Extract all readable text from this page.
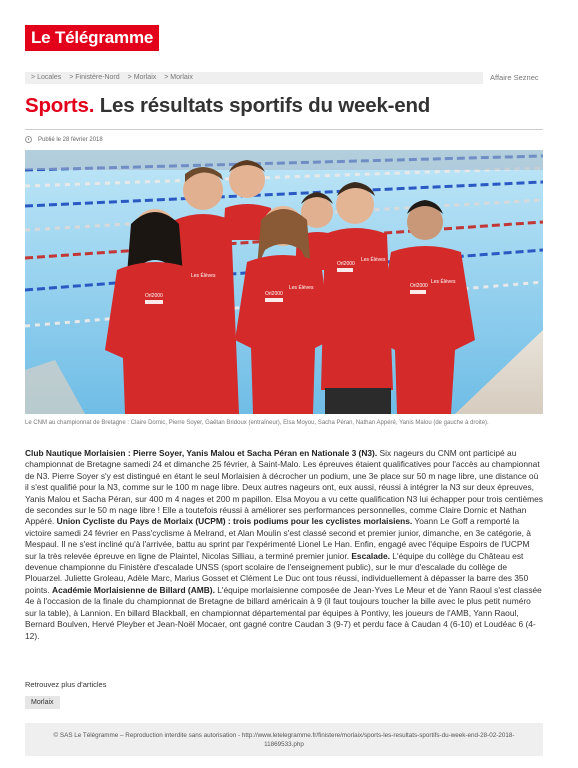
Le Télégramme
> Locales > Finistère-Nord > Morlaix > Morlaix	Affaire Seznec
Sports. Les résultats sportifs du week-end
Publié le 28 février 2018
Orl2000	Orl2000
Orl2000
Orl2000
Les Élèves
Les Élèves
Les Élèves
Les Élèves
Le CNM au championnat de Bretagne : Claire Dornic, Pierre Soyer, Gaëtan Bridoux (entraîneur), Elsa Moyou, Sacha Péran, Nathan Appéré, Yanis Malou (de gauche à droite).
Club Nautique Morlaisien : Pierre Soyer, Yanis Malou et Sacha Péran en Nationale 3 (N3). Six nageurs du CNM ont participé au championnat de Bretagne samedi 24 et dimanche 25 février, à Saint-Malo. Les épreuves étaient qualificatives pour l'accès au championnat de N3. Pierre Soyer s'y est distingué en étant le seul Morlaisien à décrocher un podium, une 3e place sur 50 m nage libre, une distance où il s'est qualifié pour la N3, comme sur le 100 m nage libre. Deux autres nageurs ont, eux aussi, réussi à intégrer la N3 sur deux épreuves, Yanis Malou et Sacha Péran, sur 400 m 4 nages et 200 m papillon. Elsa Moyou a vu cette qualification N3 lui échapper pour trois centièmes de secondes sur le 50 m nage libre ! Elle a toutefois réussi à améliorer ses performances personnelles, comme Claire Dornic et Nathan Appéré. Union Cycliste du Pays de Morlaix (UCPM) : trois podiums pour les cyclistes morlaisiens. Yoann Le Goff a remporté la victoire samedi 24 février en Pass'cyclisme à Melrand, et Alan Moulin s'est classé second et premier junior, dimanche, en 3e catégorie, à Mespaul. Il ne s'est incliné qu'à l'arrivée, battu au sprint par l'expérimenté Lionel Le Han. Enfin, engagé avec l'équipe Espoirs de l'UCPM sur la très relevée épreuve en ligne de Plaintel, Nicolas Silliau, a terminé premier junior. Escalade. L'équipe du collège du Château est devenue championne du Finistère d'escalade UNSS (sport scolaire de l'enseignement public), sur le mur d'escalade du collège de Plouarzel. Juliette Groleau, Adèle Marc, Marius Gosset et Clément Le Duc ont tous réussi, individuellement à dépasser la barre des 350 points. Académie Morlaisienne de Billard (AMB). L'équipe morlaisienne composée de Jean-Yves Le Meur et de Yann Raoul s'est classée 4e à l'occasion de la finale du championnat de Bretagne de billard américain à 9 (il faut toujours toucher la bille avec le plus petit numéro sur la table), à Lannion. En billard Blackball, en championnat départemental par équipes à Pontivy, les joueurs de l'AMB, Yann Raoul, Bernard Boulven, Hervé Pleyber et Jean-Noël Mocaer, ont gagné contre Caudan 3 (9-7) et perdu face à Caudan 4 (6-10) et Loudéac 6 (4-12).
Retrouvez plus d'articles
Morlaix
© SAS Le Télégramme – Reproduction interdite sans autorisation - http://www.letelegramme.fr/finistere/morlaix/sports-les-resultats-sportifs-du-week-end-28-02-2018-11869533.php
